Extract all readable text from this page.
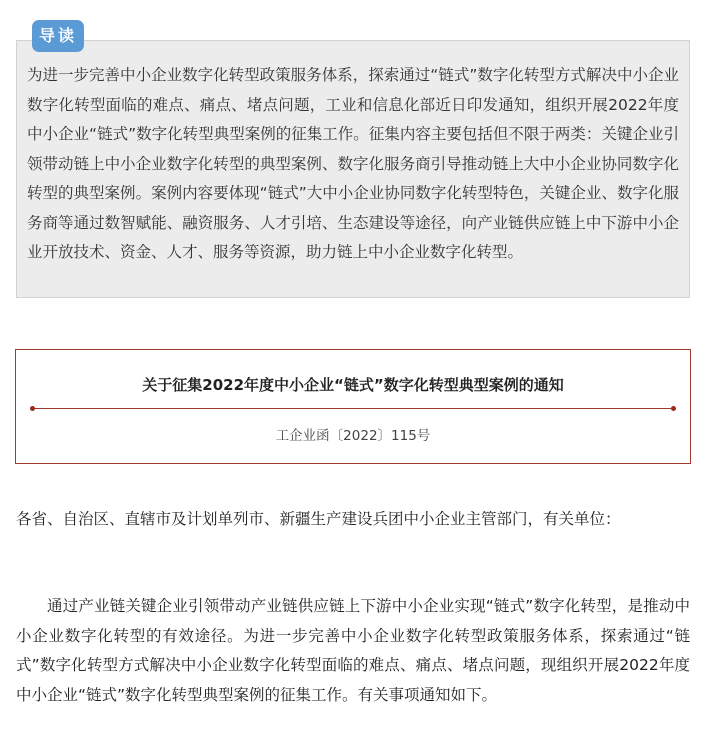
为进一步完善中小企业数字化转型政策服务体系，探索通过“链式”数字化转型方式解决中小企业数字化转型面临的难点、痛点、堵点问题，工业和信息化部近日印发通知，组织开展2022年度中小企业“链式”数字化转型典型案例的征集工作。征集内容主要包括但不限于两类：关键企业引领带动链上中小企业数字化转型的典型案例、数字化服务商引导推动链上大中小企业协同数字化转型的典型案例。案例内容要体现“链式”大中小企业协同数字化转型特色，关键企业、数字化服务商等通过数智赋能、融资服务、人才引培、生态建设等途径，向产业链供应链上中下游中小企业开放技术、资金、人才、服务等资源，助力链上中小企业数字化转型。

导读
关于征集2022年度中小企业“链式”数字化转型典型案例的通知
工企业函〔2022〕115号

各省、自治区、直辖市及计划单列市、新疆生产建设兵团中小企业主管部门，有关单位：

通过产业链关键企业引领带动产业链供应链上下游中小企业实现“链式”数字化转型，是推动中小企业数字化转型的有效途径。为进一步完善中小企业数字化转型政策服务体系，探索通过“链式”数字化转型方式解决中小企业数字化转型面临的难点、痛点、堵点问题，现组织开展2022年度中小企业“链式”数字化转型典型案例的征集工作。有关事项通知如下。
